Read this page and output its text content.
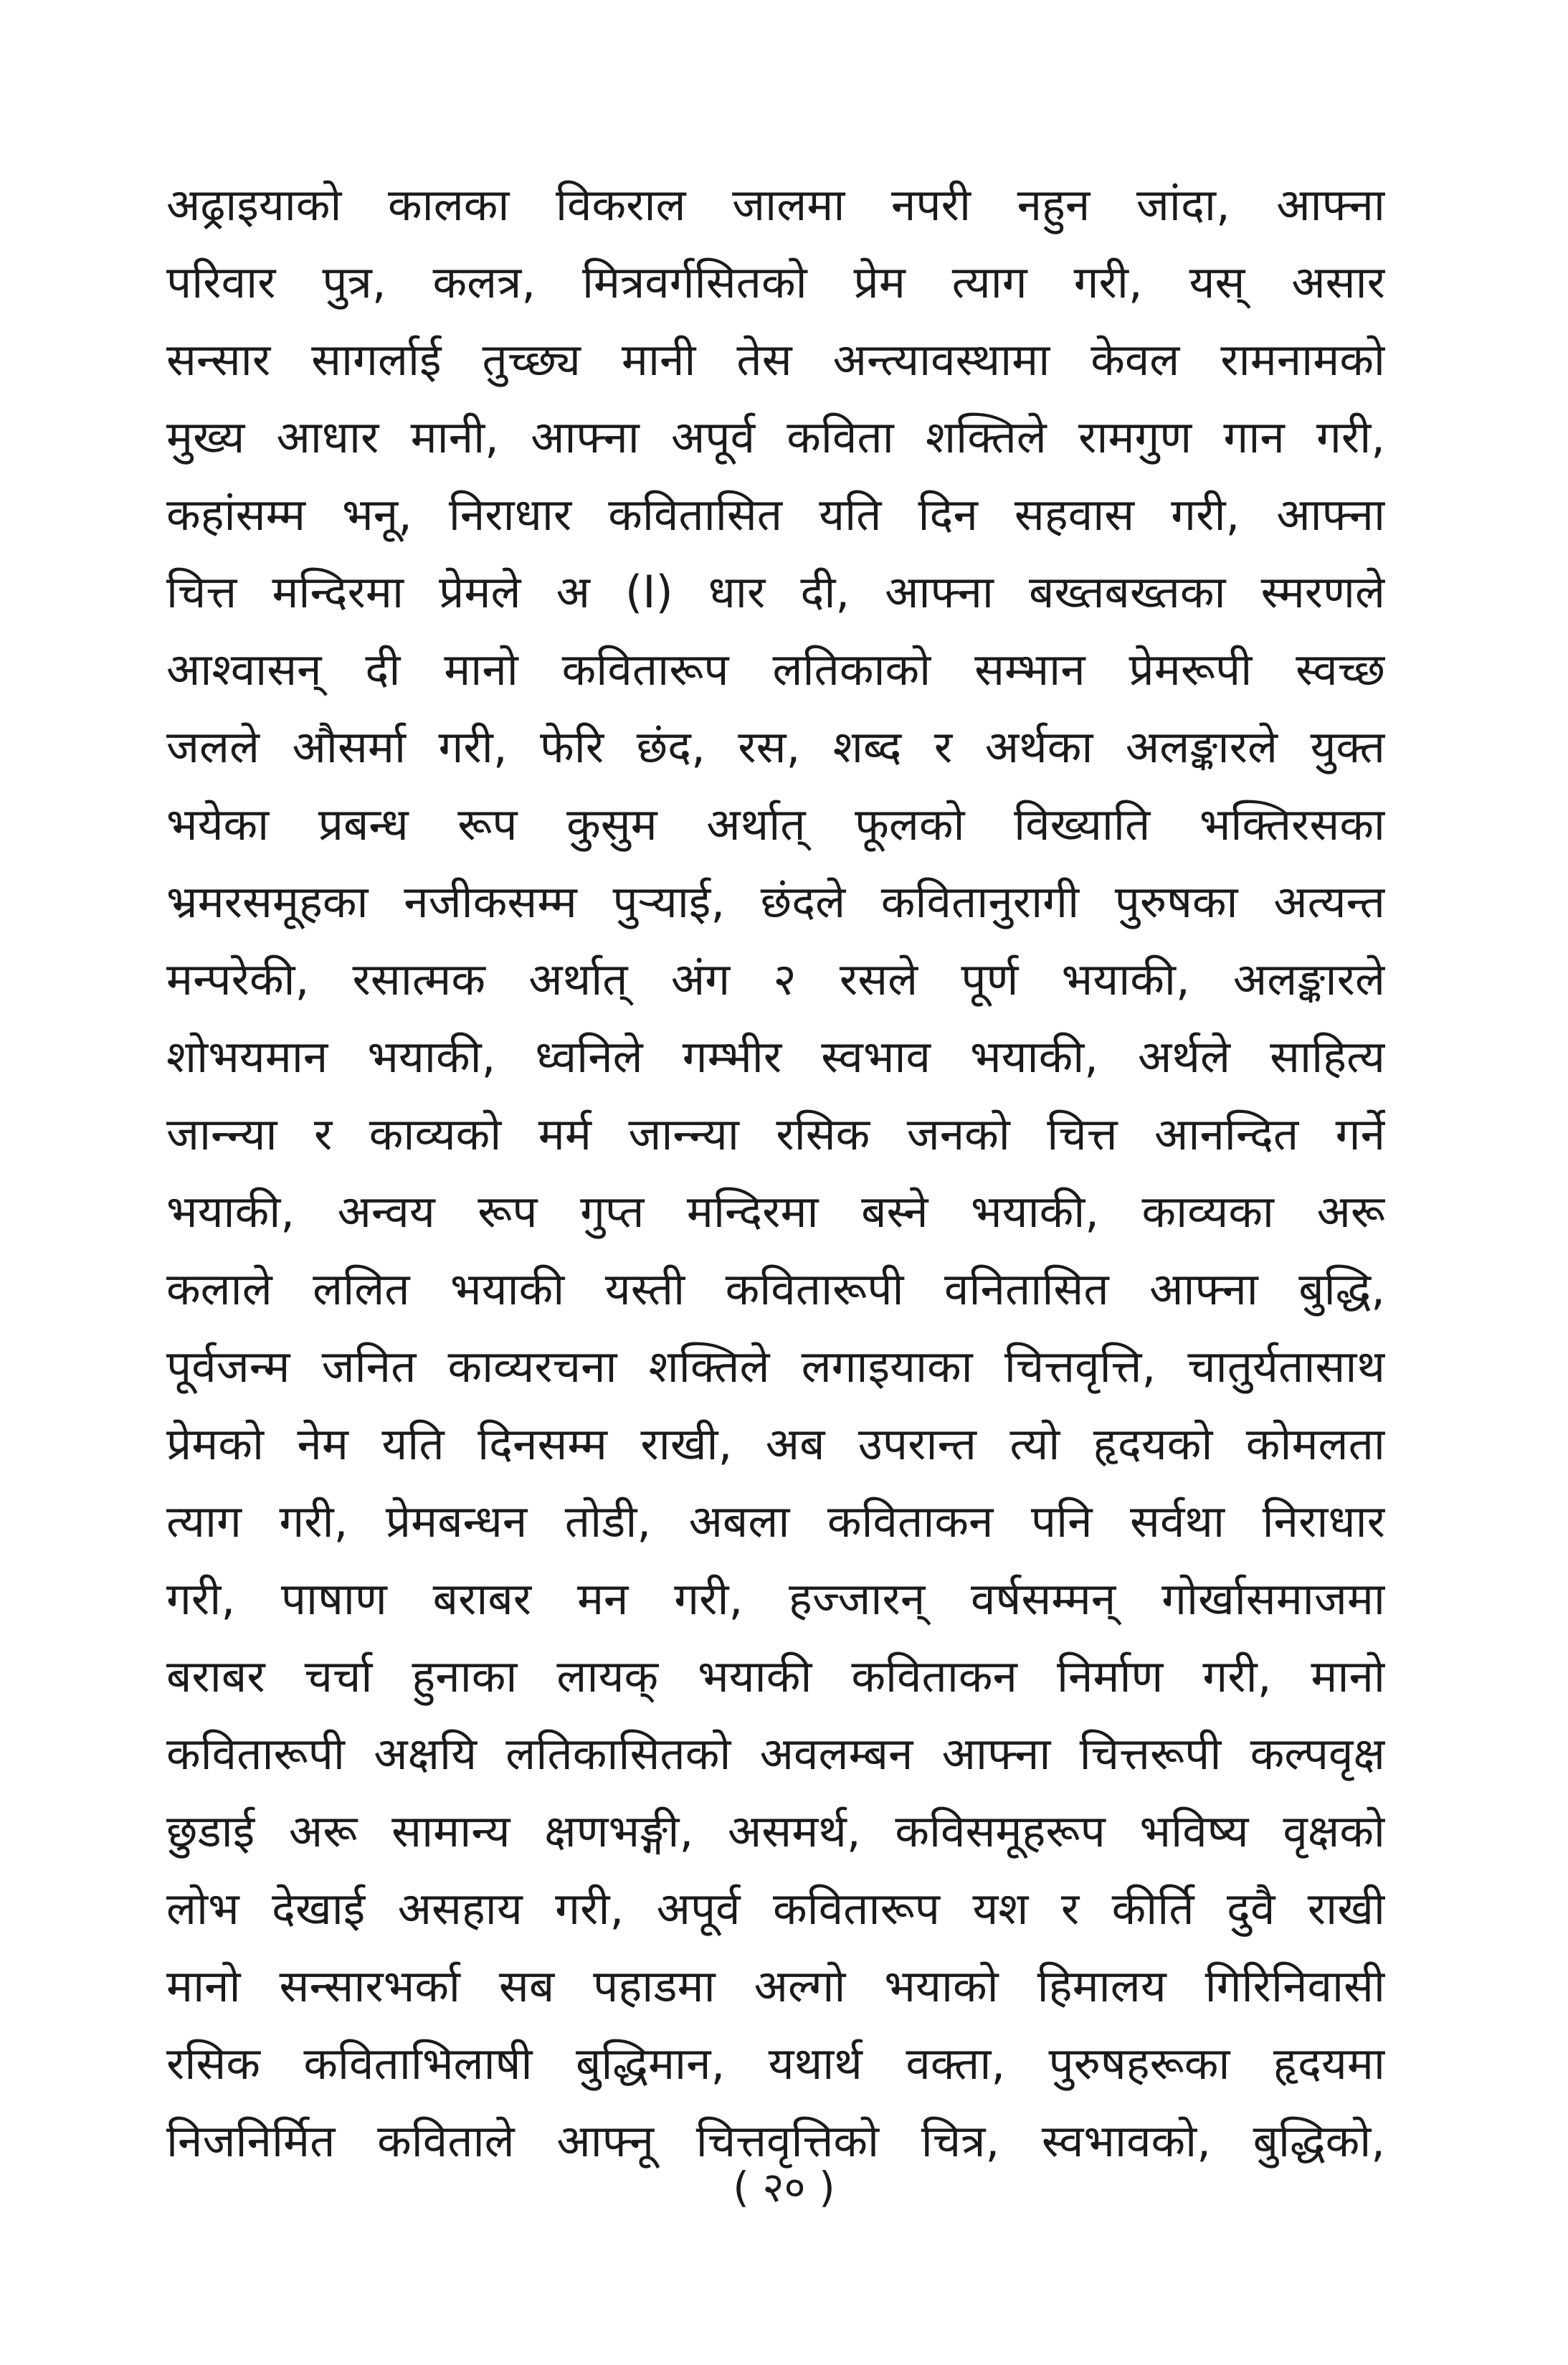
अढ्राइयाको कालका विकराल जालमा नपरी नहुन जांदा, आफ्ना
परिवार पुत्र, कलत्र, मित्रवर्गसितको प्रेम त्याग गरी, यस् असार
सन्सार सागर्लाई तुच्छ्य मानी तेस अन्त्यावस्थामा केवल रामनामको
मुख्य आधार मानी, आफ्ना अपूर्व कविता शक्तिले रामगुण गान गरी,
कहांसम्म भनू, निराधार कवितासित यति दिन सहवास गरी, आफ्ना
चित्त मन्दिरमा प्रेमले अ (I) धार दी, आफ्ना बख्तबख्तका स्मरणले
आश्वासन् दी मानो कवितारूप लतिकाको सम्भान प्रेमरूपी स्वच्छ
जलले औसर्मा गरी, फेरि छंद, रस, शब्द र अर्थका अलङ्कारले युक्त
भयेका प्रबन्ध रूप कुसुम अर्थात् फूलको विख्याति भक्तिरसका
भ्रमरसमूहका नजीकसम्म पुऱ्याई, छंदले कवितानुरागी पुरुषका अत्यन्त
मन्परेकी, रसात्मक अर्थात् अंग २ रसले पूर्ण भयाकी, अलङ्कारले
शोभयमान भयाकी, ध्वनिले गम्भीर स्वभाव भयाकी, अर्थले साहित्य
जान्न्या र काव्यको मर्म जान्न्या रसिक जनको चित्त आनन्दित गर्ने
भयाकी, अन्वय रूप गुप्त मन्दिरमा बस्ने भयाकी, काव्यका अरू
कलाले ललित भयाकी यस्ती कवितारूपी वनितासित आफ्ना बुद्धि,
पूर्वजन्म जनित काव्यरचना शक्तिले लगाइयाका चित्तवृत्ति, चातुर्यतासाथ
प्रेमको नेम यति दिनसम्म राखी, अब उपरान्त त्यो हृदयको कोमलता
त्याग गरी, प्रेमबन्धन तोडी, अबला कविताकन पनि सर्वथा निराधार
गरी, पाषाण बराबर मन गरी, हज्जारन् वर्षसम्मन् गोर्खासमाजमा
बराबर चर्चा हुनाका लायक् भयाकी कविताकन निर्माण गरी, मानो
कवितारूपी अक्षयि लतिकासितको अवलम्बन आफ्ना चित्तरूपी कल्पवृक्ष
छुडाई अरू सामान्य क्षणभङ्गी, असमर्थ, कविसमूहरूप भविष्य वृक्षको
लोभ देखाई असहाय गरी, अपूर्व कवितारूप यश र कीर्ति दुवै राखी
मानो सन्सारभर्का सब पहाडमा अल्गो भयाको हिमालय गिरिनिवासी
रसिक कविताभिलाषी बुद्धिमान, यथार्थ वक्ता, पुरुषहरूका हृदयमा
निजनिर्मित कविताले आफ्नू चित्तवृत्तिको चित्र, स्वभावको, बुद्धिको,
( २० )
